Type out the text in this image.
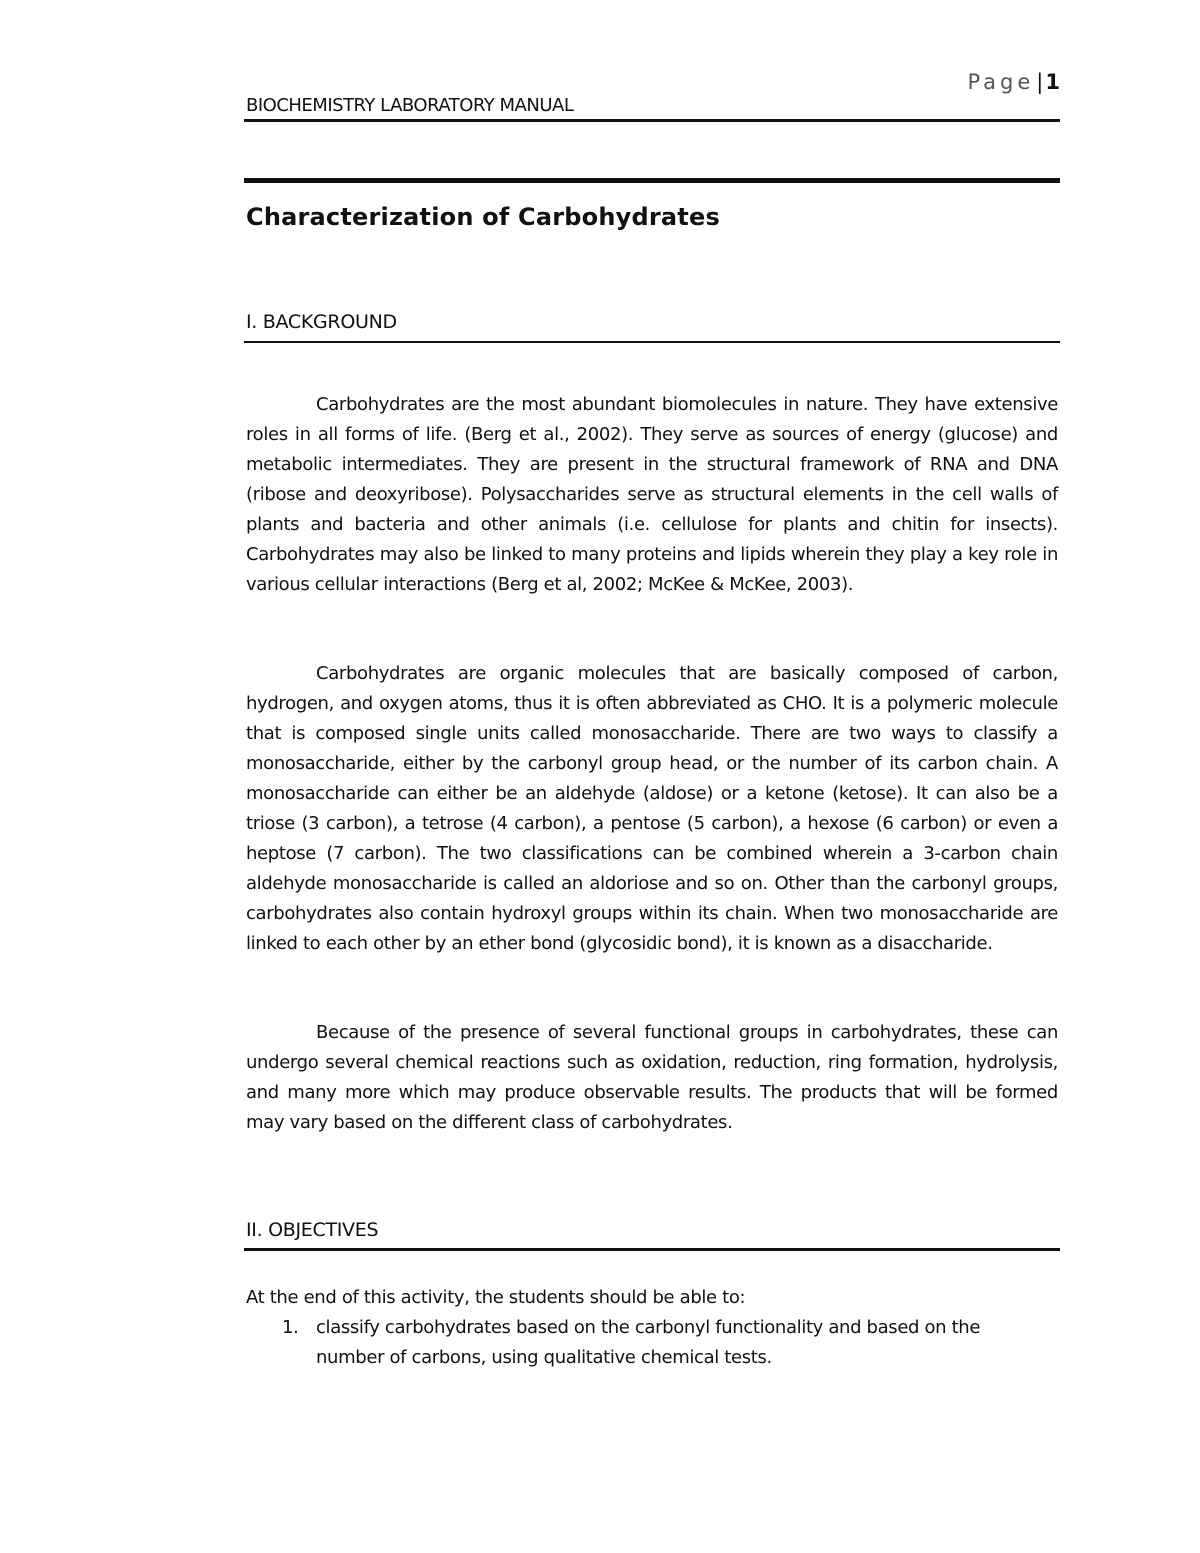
Page|1
BIOCHEMISTRY LABORATORY MANUAL
Characterization of Carbohydrates
I. BACKGROUND

Carbohydrates are the most abundant biomolecules in nature. They have extensive roles in all forms of life. (Berg et al., 2002). They serve as sources of energy (glucose) and metabolic intermediates. They are present in the structural framework of RNA and DNA (ribose and deoxyribose). Polysaccharides serve as structural elements in the cell walls of plants and bacteria and other animals (i.e. cellulose for plants and chitin for insects). Carbohydrates may also be linked to many proteins and lipids wherein they play a key role in various cellular interactions (Berg et al, 2002; McKee & McKee, 2003).

Carbohydrates are organic molecules that are basically composed of carbon, hydrogen, and oxygen atoms, thus it is often abbreviated as CHO. It is a polymeric molecule that is composed single units called monosaccharide. There are two ways to classify a monosaccharide, either by the carbonyl group head, or the number of its carbon chain. A monosaccharide can either be an aldehyde (aldose) or a ketone (ketose). It can also be a triose (3 carbon), a tetrose (4 carbon), a pentose (5 carbon), a hexose (6 carbon) or even a heptose (7 carbon). The two classifications can be combined wherein a 3-carbon chain aldehyde monosaccharide is called an aldoriose and so on. Other than the carbonyl groups, carbohydrates also contain hydroxyl groups within its chain. When two monosaccharide are linked to each other by an ether bond (glycosidic bond), it is known as a disaccharide.

Because of the presence of several functional groups in carbohydrates, these can undergo several chemical reactions such as oxidation, reduction, ring formation, hydrolysis, and many more which may produce observable results. The products that will be formed may vary based on the different class of carbohydrates.

II. OBJECTIVES

At the end of this activity, the students should be able to:

1. classify carbohydrates based on the carbonyl functionality and based on the number of carbons, using qualitative chemical tests.
